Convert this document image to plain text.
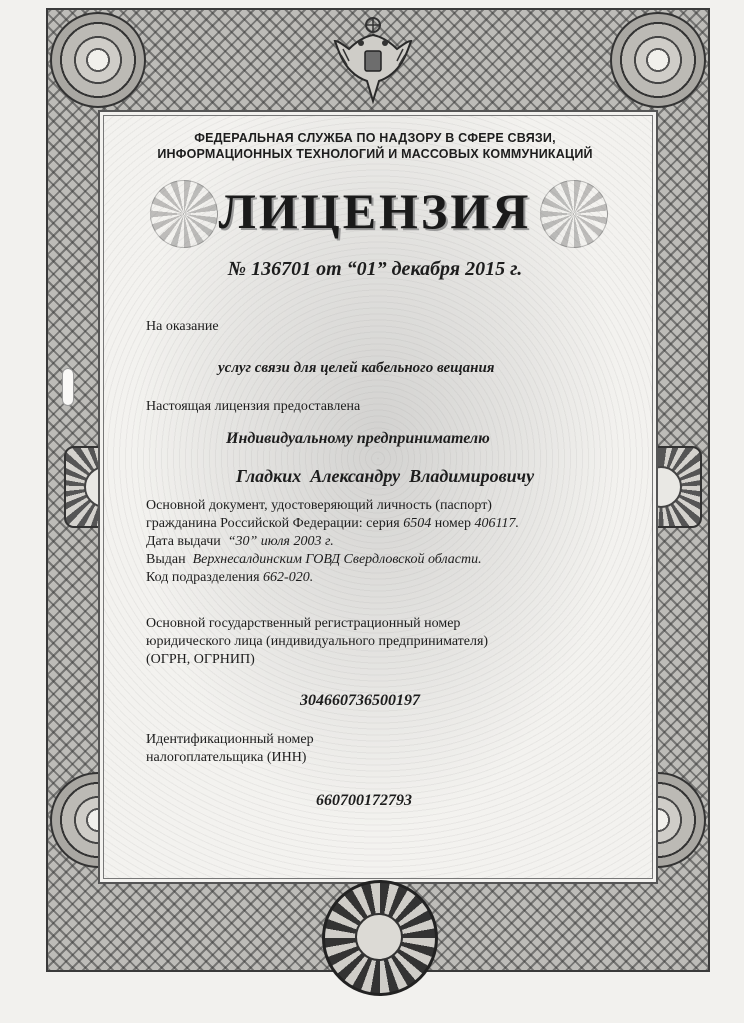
ФЕДЕРАЛЬНАЯ СЛУЖБА ПО НАДЗОРУ В СФЕРЕ СВЯЗИ,
ИНФОРМАЦИОННЫХ ТЕХНОЛОГИЙ И МАССОВЫХ КОММУНИКАЦИЙ
ЛИЦЕНЗИЯ
№ 136701 от “01” декабря 2015 г.
На оказание
услуг связи для целей кабельного вещания
Настоящая лицензия предоставлена
Индивидуальному предпринимателю
Гладких  Александру  Владимировичу
Основной документ, удостоверяющий личность (паспорт)
гражданина Российской Федерации: серия 6504 номер 406117.
Дата выдачи  “30” июля 2003 г.
Выдан  Верхнесалдинским ГОВД Свердловской области.
Код подразделения 662-020.
Основной государственный регистрационный номер
юридического лица (индивидуального предпринимателя)
(ОГРН, ОГРНИП)
304660736500197
Идентификационный номер
налогоплательщика (ИНН)
660700172793
